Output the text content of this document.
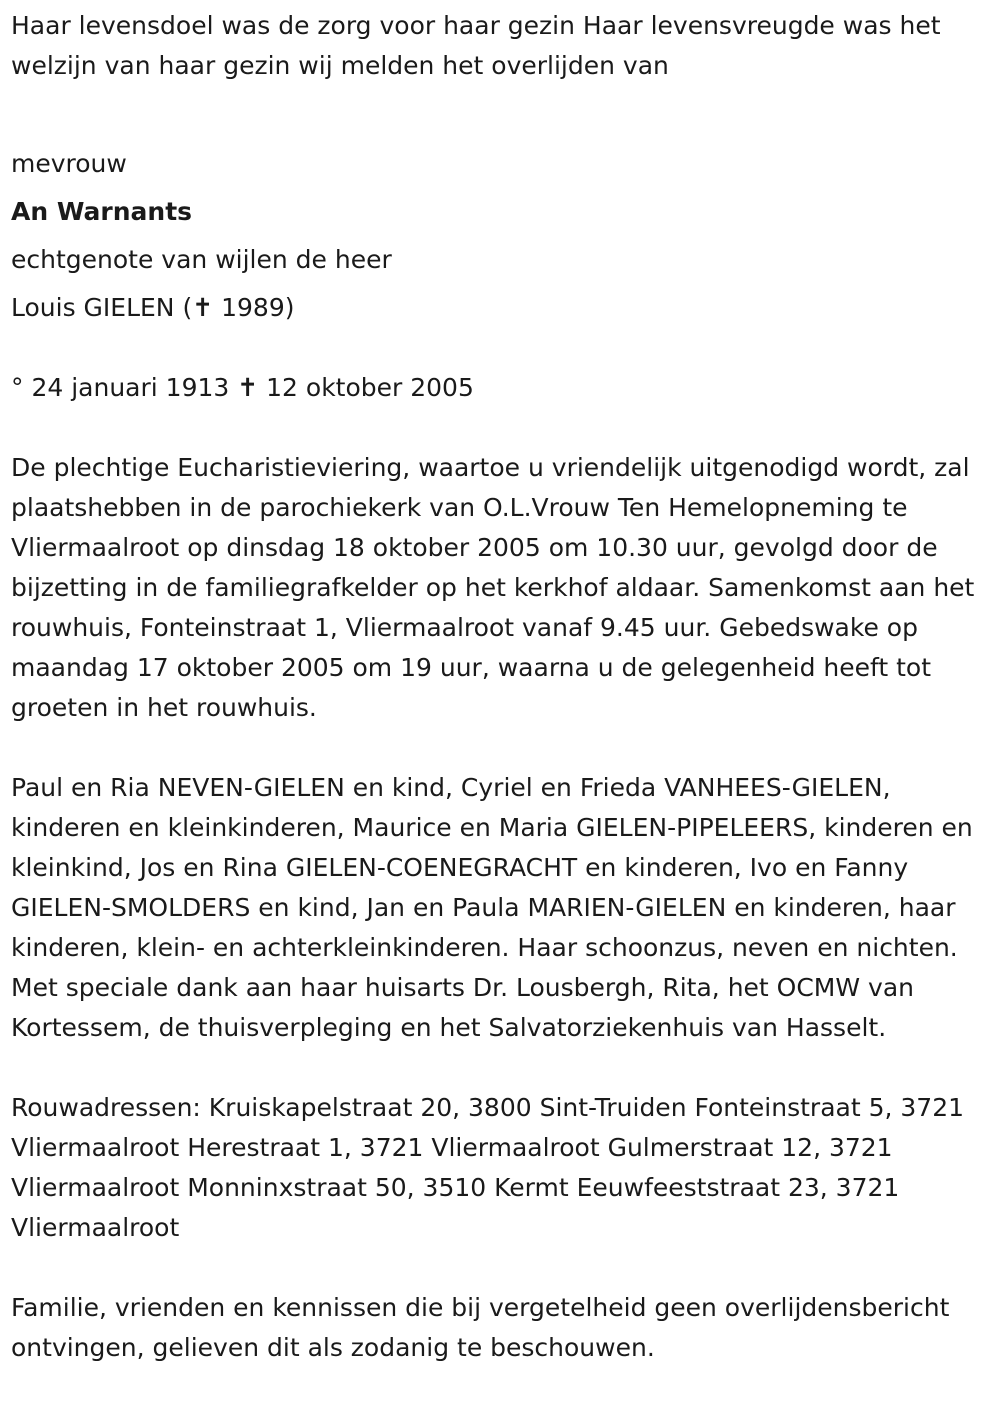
Haar levensdoel was de zorg voor haar gezin Haar levensvreugde was het welzijn van haar gezin wij melden het overlijden van

mevrouw

An Warnants

echtgenote van wijlen de heer

Louis GIELEN (✝ 1989)

° 24 januari 1913 ✝ 12 oktober 2005

De plechtige Eucharistieviering, waartoe u vriendelijk uitgenodigd wordt, zal plaatshebben in de parochiekerk van O.L.Vrouw Ten Hemelopneming te Vliermaalroot op dinsdag 18 oktober 2005 om 10.30 uur, gevolgd door de bijzetting in de familiegrafkelder op het kerkhof aldaar. Samenkomst aan het rouwhuis, Fonteinstraat 1, Vliermaalroot vanaf 9.45 uur. Gebedswake op maandag 17 oktober 2005 om 19 uur, waarna u de gelegenheid heeft tot groeten in het rouwhuis.

Paul en Ria NEVEN-GIELEN en kind, Cyriel en Frieda VANHEES-GIELEN, kinderen en kleinkinderen, Maurice en Maria GIELEN-PIPELEERS, kinderen en kleinkind, Jos en Rina GIELEN-COENEGRACHT en kinderen, Ivo en Fanny GIELEN-SMOLDERS en kind, Jan en Paula MARIEN-GIELEN en kinderen, haar kinderen, klein- en achterkleinkinderen. Haar schoonzus, neven en nichten. Met speciale dank aan haar huisarts Dr. Lousbergh, Rita, het OCMW van Kortessem, de thuisverpleging en het Salvatorziekenhuis van Hasselt.

Rouwadressen: Kruiskapelstraat 20, 3800 Sint-Truiden Fonteinstraat 5, 3721 Vliermaalroot Herestraat 1, 3721 Vliermaalroot Gulmerstraat 12, 3721 Vliermaalroot Monninxstraat 50, 3510 Kermt Eeuwfeeststraat 23, 3721 Vliermaalroot

Familie, vrienden en kennissen die bij vergetelheid geen overlijdensbericht ontvingen, gelieven dit als zodanig te beschouwen.
